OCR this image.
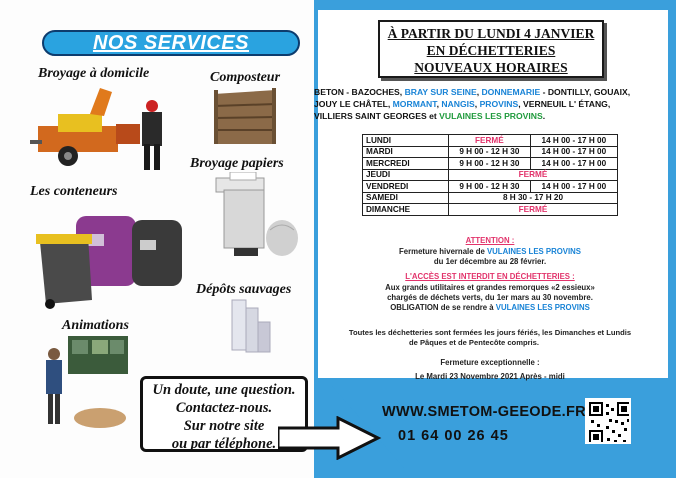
NOS SERVICES
Broyage à domicile	Composteur
Broyage papiers
Les conteneurs
Dépôts sauvages
Animations
Un doute, une question.
Contactez-nous.
Sur notre site
ou par téléphone.
À PARTIR DU LUNDI 4 JANVIER
EN DÉCHETTERIES
NOUVEAUX HORAIRES
BETON - BAZOCHES, BRAY SUR SEINE, DONNEMARIE - DONTILLY, GOUAIX,
JOUY LE CHÂTEL, MORMANT, NANGIS, PROVINS, VERNEUIL L' ÉTANG,
VILLIERS SAINT GEORGES et VULAINES LES PROVINS.
LUNDI	FERMÉ	14 H 00 - 17 H 00
MARDI	9 H 00 - 12 H 30	14 H 00 - 17 H 00
MERCREDI	9 H 00 - 12 H 30	14 H 00 - 17 H 00
JEUDI	FERMÉ	
VENDREDI	9 H 00 - 12 H 30	14 H 00 - 17 H 00
SAMEDI	8 H 30 - 17 H 20	
DIMANCHE	FERMÉ	
ATTENTION :
Fermeture hivernale de VULAINES LES PROVINS
du 1er décembre au 28 février.
L'ACCÈS EST INTERDIT EN DÉCHETTERIES :
Aux grands utilitaires et grandes remorques «2 essieux»
chargés de déchets verts, du 1er mars au 30 novembre.
OBLIGATION de se rendre à VULAINES LES PROVINS
Toutes les déchetteries sont fermées les jours fériés, les Dimanches et Lundis
de Pâques et de Pentecôte compris.
Fermeture exceptionnelle :
Le Mardi 23 Novembre 2021 Après - midi
WWW.SMETOM-GEEODE.FR
01 64 00 26 45
